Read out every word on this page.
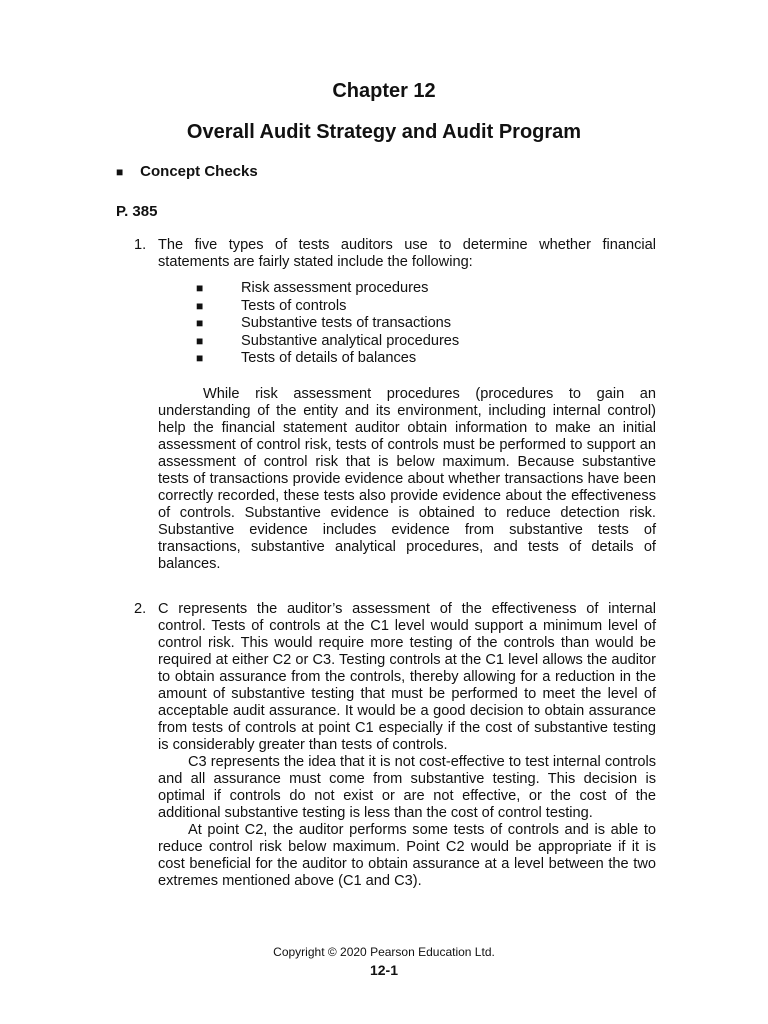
Chapter 12
Overall Audit Strategy and Audit Program
■ Concept Checks
P. 385
1. The five types of tests auditors use to determine whether financial statements are fairly stated include the following:

■	Risk assessment procedures
■	Tests of controls
■	Substantive tests of transactions
■	Substantive analytical procedures
■	Tests of details of balances

While risk assessment procedures (procedures to gain an understanding of the entity and its environment, including internal control) help the financial statement auditor obtain information to make an initial assessment of control risk, tests of controls must be performed to support an assessment of control risk that is below maximum. Because substantive tests of transactions provide evidence about whether transactions have been correctly recorded, these tests also provide evidence about the effectiveness of controls. Substantive evidence is obtained to reduce detection risk. Substantive evidence includes evidence from substantive tests of transactions, substantive analytical procedures, and tests of details of balances.

2. C represents the auditor’s assessment of the effectiveness of internal control. Tests of controls at the C1 level would support a minimum level of control risk. This would require more testing of the controls than would be required at either C2 or C3. Testing controls at the C1 level allows the auditor to obtain assurance from the controls, thereby allowing for a reduction in the amount of substantive testing that must be performed to meet the level of acceptable audit assurance. It would be a good decision to obtain assurance from tests of controls at point C1 especially if the cost of substantive testing is considerably greater than tests of controls.

C3 represents the idea that it is not cost-effective to test internal controls and all assurance must come from substantive testing. This decision is optimal if controls do not exist or are not effective, or the cost of the additional substantive testing is less than the cost of control testing.

At point C2, the auditor performs some tests of controls and is able to reduce control risk below maximum. Point C2 would be appropriate if it is cost beneficial for the auditor to obtain assurance at a level between the two extremes mentioned above (C1 and C3).

Copyright © 2020 Pearson Education Ltd.
12-1
